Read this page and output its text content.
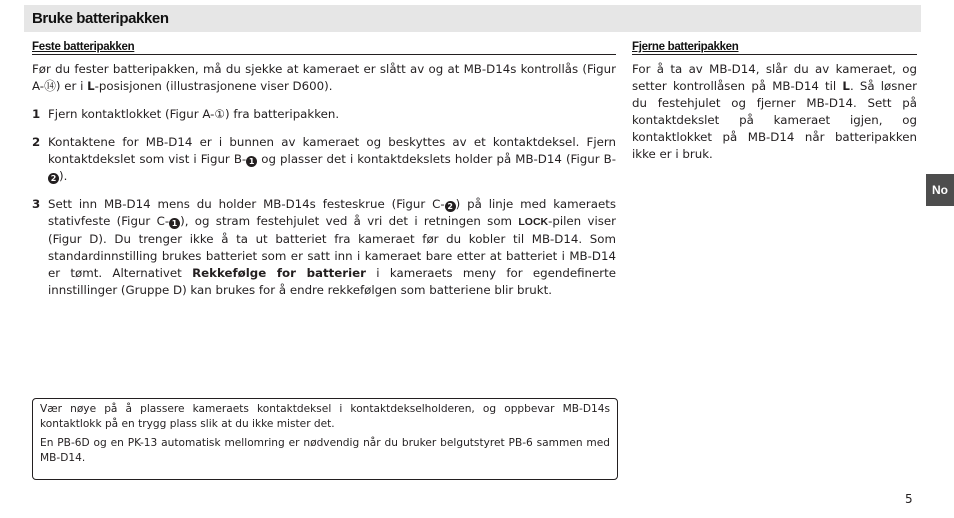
Bruke batteripakken
Feste batteripakken	Fjerne batteripakken

Før du fester batteripakken, må du sjekke at kameraet er slått av og at MB-D14s kontrollås (Figur A-⑭) er i L-posisjonen (illustrasjonene viser D600).

1 Fjern kontaktlokket (Figur A-①) fra batteripakken.
2 Kontaktene for MB-D14 er i bunnen av kameraet og beskyttes av et kontaktdeksel. Fjern kontaktdekslet som vist i Figur B- 1 og plasser det i kontaktdekslets holder på MB-D14 (Figur B-2 ).
3 Sett inn MB-D14 mens du holder MB-D14s festeskrue (Figur C- 2 ) på linje med kameraets stativfeste (Figur C- 1 ), og stram festehjulet ved å vri det i retningen som LOCK-pilen viser (Figur D). Du trenger ikke å ta ut batteriet fra kameraet før du kobler til MB-D14. Som standardinnstilling brukes batteriet som er satt inn i kameraet bare etter at batteriet i MB-D14 er tømt. Alternativet Rekkefølge for batterier i kameraets meny for egendefinerte innstillinger (Gruppe D) kan brukes for å endre rekkefølgen som batteriene blir brukt.

For å ta av MB-D14, slår du av kameraet, og setter kontrollåsen på MB-D14 til L. Så løsner du festehjulet og fjerner MB-D14. Sett på kontaktdekslet på kameraet igjen, og kontaktlokket på MB-D14 når batteripakken ikke er i bruk.

Vær nøye på å plassere kameraets kontaktdeksel i kontaktdekselholderen, og oppbevar MB-D14s kontaktlokk på en trygg plass slik at du ikke mister det.

En PB-6D og en PK-13 automatisk mellomring er nødvendig når du bruker belgutstyret PB-6 sammen med MB-D14.

No
5
